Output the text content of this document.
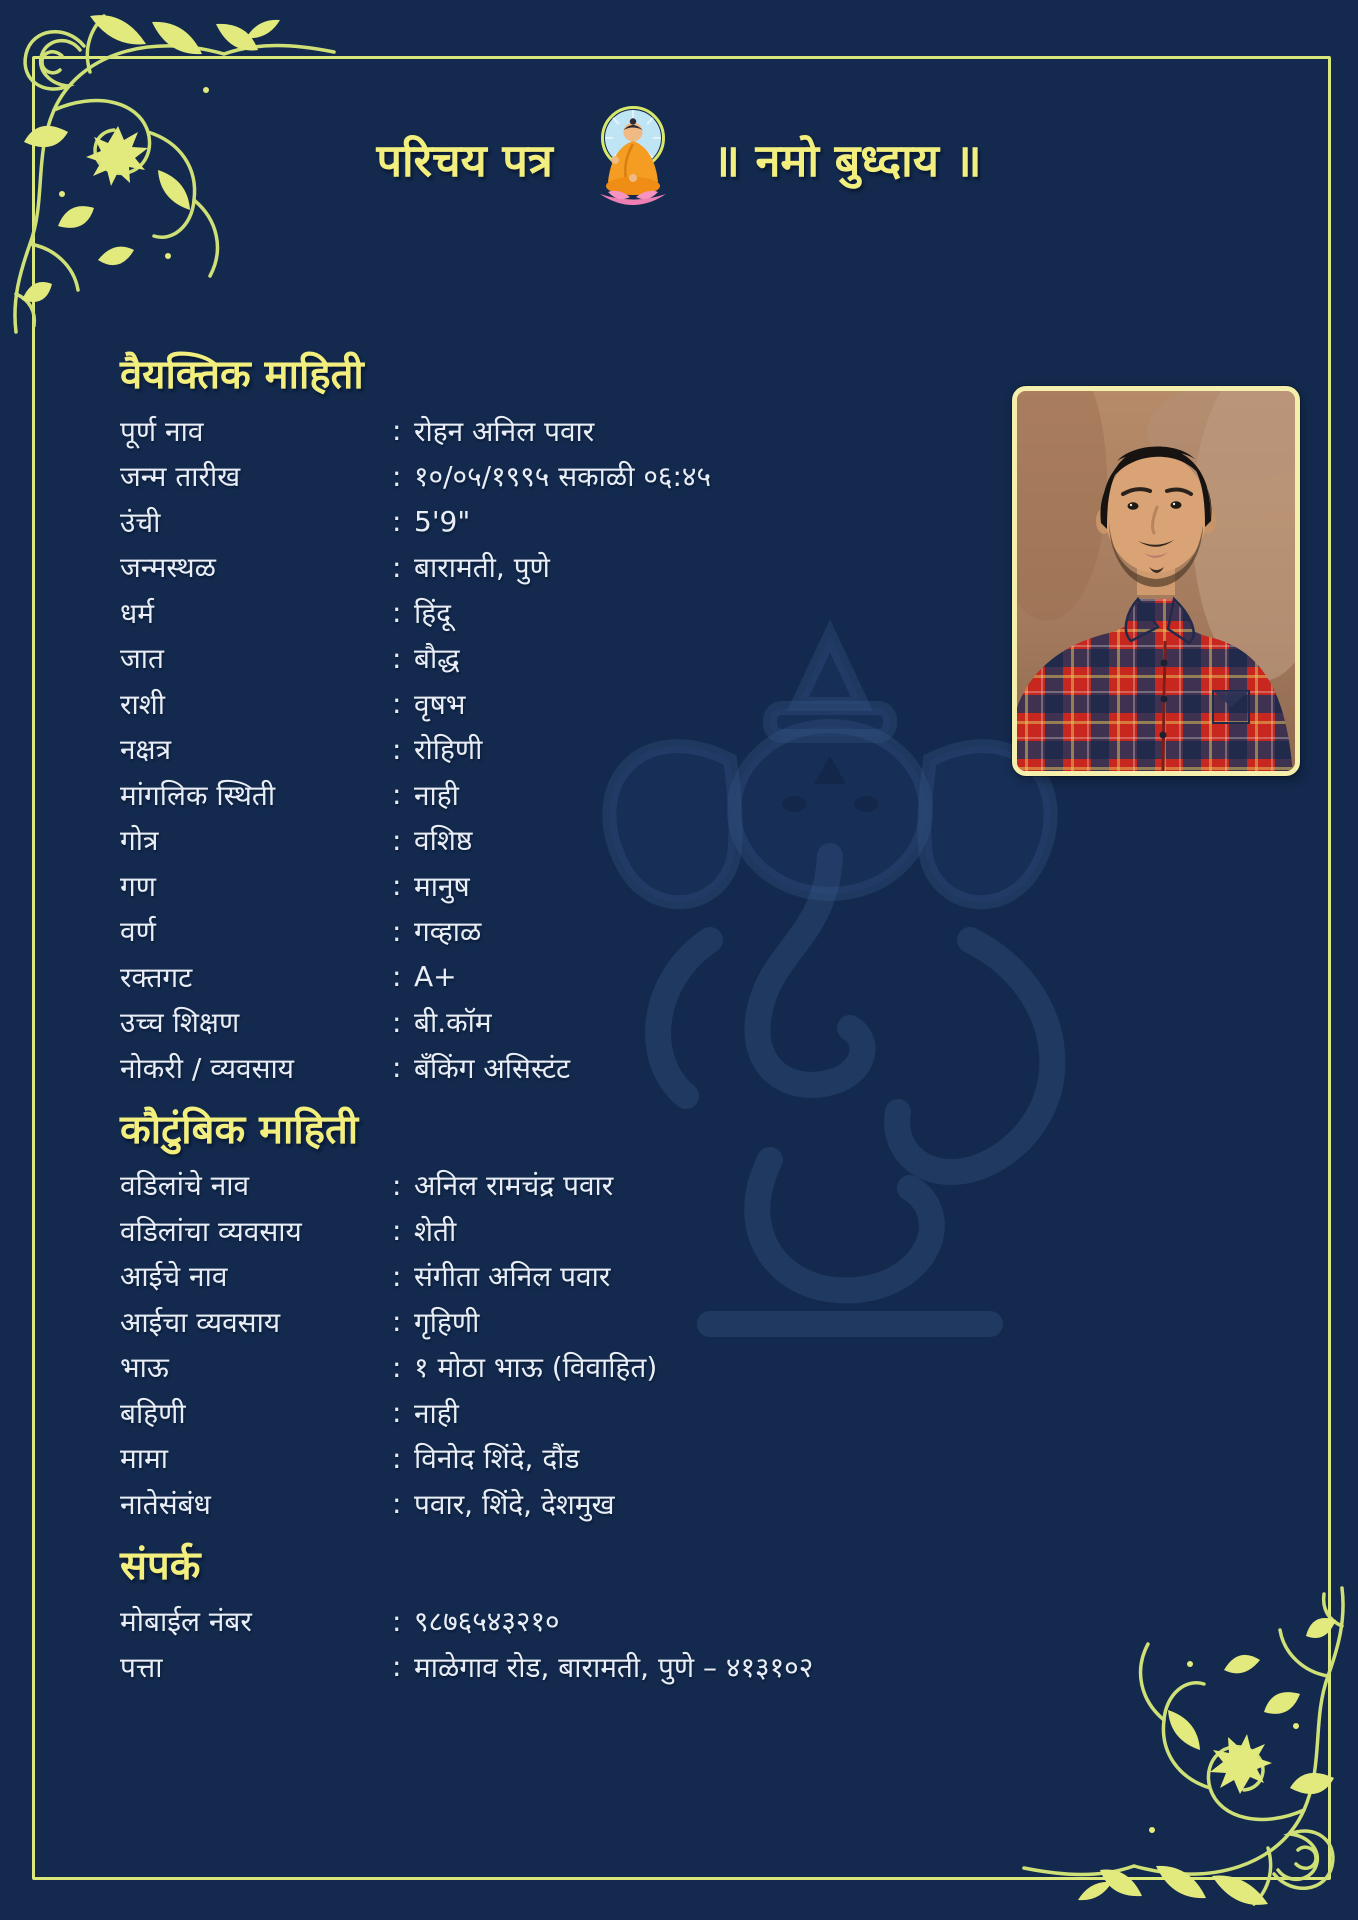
परिचय पत्र	॥ नमो बुध्दाय ॥
वैयक्तिक माहिती
पूर्ण नाव	: रोहन अनिल पवार
जन्म तारीख	: १०/०५/१९९५ सकाळी ०६:४५
उंची	: 5'9"
जन्मस्थळ	: बारामती, पुणे
धर्म	: हिंदू
जात	: बौद्ध
राशी	: वृषभ
नक्षत्र	: रोहिणी
मांगलिक स्थिती	: नाही
गोत्र	: वशिष्ठ
गण	: मानुष
वर्ण	: गव्हाळ
रक्तगट	: A+
उच्च शिक्षण	: बी.कॉम
नोकरी / व्यवसाय	: बँकिंग असिस्टंट
कौटुंबिक माहिती
वडिलांचे नाव	: अनिल रामचंद्र पवार
वडिलांचा व्यवसाय	: शेती
आईचे नाव	: संगीता अनिल पवार
आईचा व्यवसाय	: गृहिणी
भाऊ	: १ मोठा भाऊ (विवाहित)
बहिणी	: नाही
मामा	: विनोद शिंदे, दौंड
नातेसंबंध	: पवार, शिंदे, देशमुख
संपर्क
मोबाईल नंबर	: ९८७६५४३२१०
पत्ता	: माळेगाव रोड, बारामती, पुणे – ४१३१०२
